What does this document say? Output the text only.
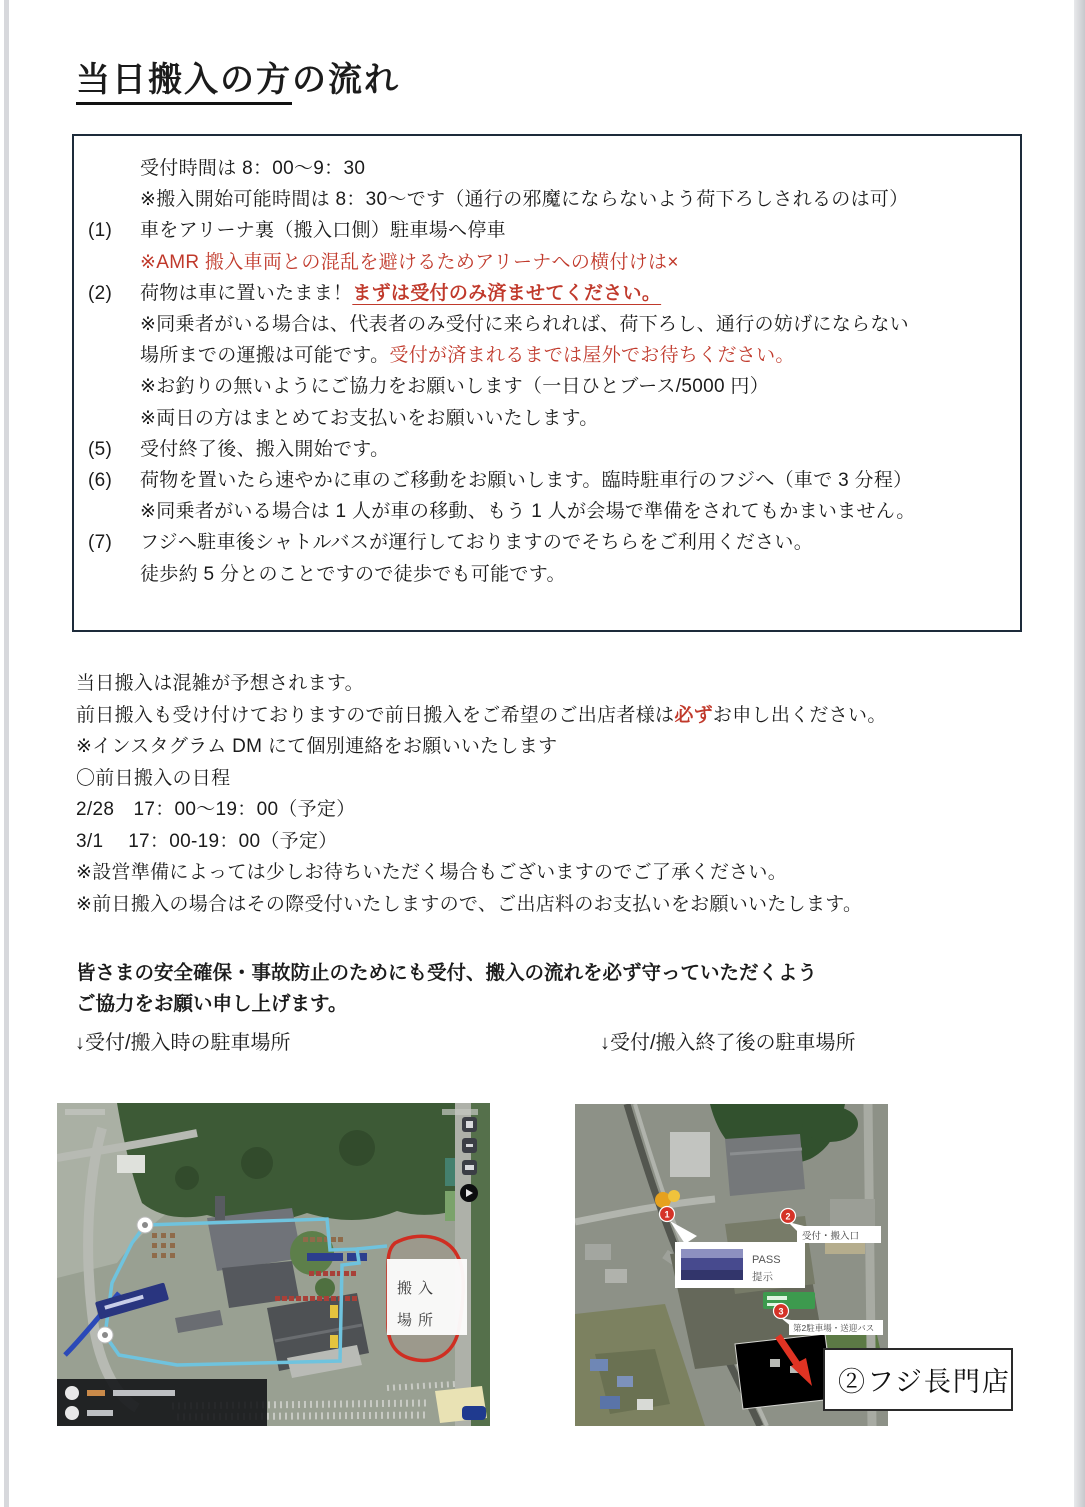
当日搬入の方の流れ
受付時間は 8：00～9：30
※搬入開始可能時間は 8：30～です（通行の邪魔にならないよう荷下ろしされるのは可）
(1)	車をアリーナ裏（搬入口側）駐車場へ停車
※AMR 搬入車両との混乱を避けるためアリーナへの横付けは×
(2)	荷物は車に置いたまま！まずは受付のみ済ませてください。
※同乗者がいる場合は、代表者のみ受付に来られれば、荷下ろし、通行の妨げにならない
場所までの運搬は可能です。受付が済まれるまでは屋外でお待ちください。
※お釣りの無いようにご協力をお願いします（一日ひとブース/5000 円）
※両日の方はまとめてお支払いをお願いいたします。
(5)	受付終了後、搬入開始です。
(6)	荷物を置いたら速やかに車のご移動をお願いします。臨時駐車行のフジへ（車で 3 分程）
※同乗者がいる場合は 1 人が車の移動、もう 1 人が会場で準備をされてもかまいません。
(7)	フジへ駐車後シャトルバスが運行しておりますのでそちらをご利用ください。
徒歩約 5 分とのことですので徒歩でも可能です。
当日搬入は混雑が予想されます。
前日搬入も受け付けておりますので前日搬入をご希望のご出店者様は必ずお申し出ください。
※インスタグラム DM にて個別連絡をお願いいたします
〇前日搬入の日程
2/28　17：00～19：00（予定）
3/1　 17：00-19：00（予定）
※設営準備によっては少しお待ちいただく場合もございますのでご了承ください。
※前日搬入の場合はその際受付いたしますので、ご出店料のお支払いをお願いいたします。
皆さまの安全確保・事故防止のためにも受付、搬入の流れを必ず守っていただくよう
ご協力をお願い申し上げます。
↓受付/搬入時の駐車場所	↓受付/搬入終了後の駐車場所
搬入
場所
PASS
提示
受付・搬入口
第2駐車場・送迎バス
1	2
3
②フジ長門店
